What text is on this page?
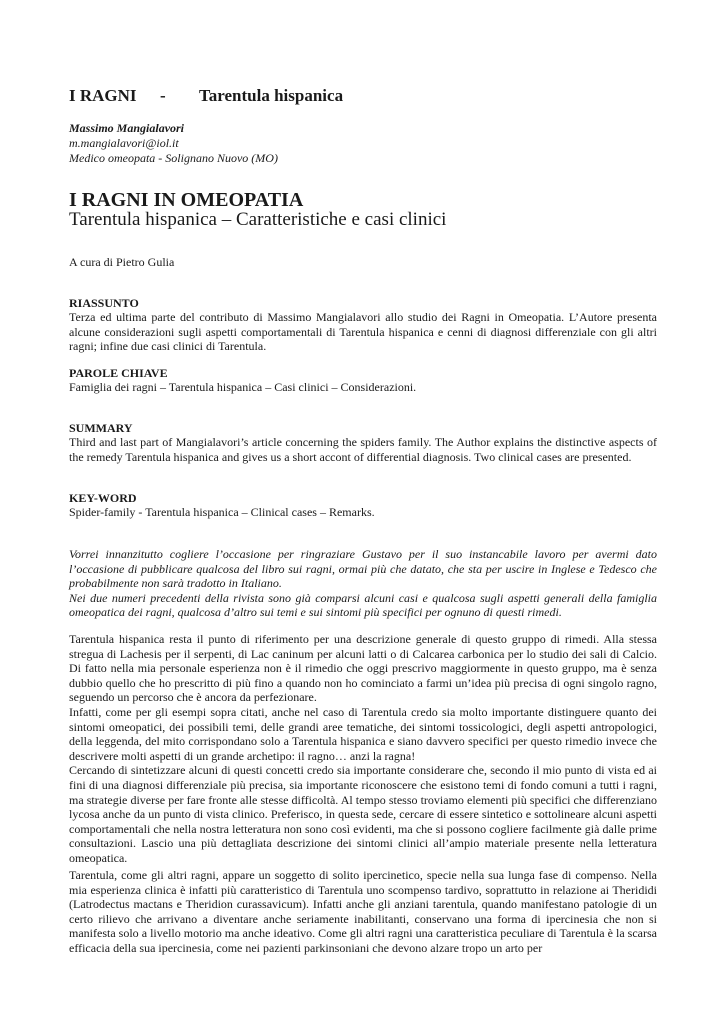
I RAGNI - Tarentula hispanica
Massimo Mangialavori
m.mangialavori@iol.it
Medico omeopata - Solignano Nuovo (MO)
I RAGNI IN OMEOPATIA
Tarentula hispanica – Caratteristiche e casi clinici
A cura di Pietro Gulia
RIASSUNTO
Terza ed ultima parte del contributo di Massimo Mangialavori allo studio dei Ragni in Omeopatia. L’Autore presenta alcune considerazioni sugli aspetti comportamentali di Tarentula hispanica e cenni di diagnosi differenziale con gli altri ragni; infine due casi clinici di Tarentula.
PAROLE CHIAVE
Famiglia dei ragni – Tarentula hispanica – Casi clinici – Considerazioni.
SUMMARY
Third and last part of Mangialavori’s article concerning the spiders family. The Author explains the distinctive aspects of the remedy Tarentula hispanica and gives us a short accont of differential diagnosis. Two clinical cases are presented.
KEY-WORD
Spider-family - Tarentula hispanica – Clinical cases – Remarks.
Vorrei innanzitutto cogliere l’occasione per ringraziare Gustavo per il suo instancabile lavoro per avermi dato l’occasione di pubblicare qualcosa del libro sui ragni, ormai più che datato, che sta per uscire in Inglese e Tedesco che probabilmente non sarà tradotto in Italiano.
Nei due numeri precedenti della rivista sono già comparsi alcuni casi e qualcosa sugli aspetti generali della famiglia omeopatica dei ragni, qualcosa d’altro sui temi e sui sintomi più specifici per ognuno di questi rimedi.
Tarentula hispanica resta il punto di riferimento per una descrizione generale di questo gruppo di rimedi. Alla stessa stregua di Lachesis per il serpenti, di Lac caninum per alcuni latti o di Calcarea carbonica per lo studio dei sali di Calcio. Di fatto nella mia personale esperienza non è il rimedio che oggi prescrivo maggiormente in questo gruppo, ma è senza dubbio quello che ho prescritto di più fino a quando non ho cominciato a farmi un’idea più precisa di ogni singolo ragno, seguendo un percorso che è ancora da perfezionare.
Infatti, come per gli esempi sopra citati, anche nel caso di Tarentula credo sia molto importante distinguere quanto dei sintomi omeopatici, dei possibili temi, delle grandi aree tematiche, dei sintomi tossicologici, degli aspetti antropologici, della leggenda, del mito corrispondano solo a Tarentula hispanica e siano davvero specifici per questo rimedio invece che descrivere molti aspetti di un grande archetipo: il ragno… anzi la ragna!
Cercando di sintetizzare alcuni di questi concetti credo sia importante considerare che, secondo il mio punto di vista ed ai fini di una diagnosi differenziale più precisa, sia importante riconoscere che esistono temi di fondo comuni a tutti i ragni, ma strategie diverse per fare fronte alle stesse difficoltà. Al tempo stesso troviamo elementi più specifici che differenziano lycosa anche da un punto di vista clinico. Preferisco, in questa sede, cercare di essere sintetico e sottolineare alcuni aspetti comportamentali che nella nostra letteratura non sono così evidenti, ma che si possono cogliere facilmente già dalle prime consultazioni. Lascio una più dettagliata descrizione dei sintomi clinici all’ampio materiale presente nella letteratura omeopatica.
Tarentula, come gli altri ragni, appare un soggetto di solito ipercinetico, specie nella sua lunga fase di compenso. Nella mia esperienza clinica è infatti più caratteristico di Tarentula uno scompenso tardivo, soprattutto in relazione ai Therididi (Latrodectus mactans e Theridion curassavicum). Infatti anche gli anziani tarentula, quando manifestano patologie di un certo rilievo che arrivano a diventare anche seriamente inabilitanti, conservano una forma di ipercinesia che non si manifesta solo a livello motorio ma anche ideativo. Come gli altri ragni una caratteristica peculiare di Tarentula è la scarsa efficacia della sua ipercinesia, come nei pazienti parkinsoniani che devono alzare tropo un arto per
